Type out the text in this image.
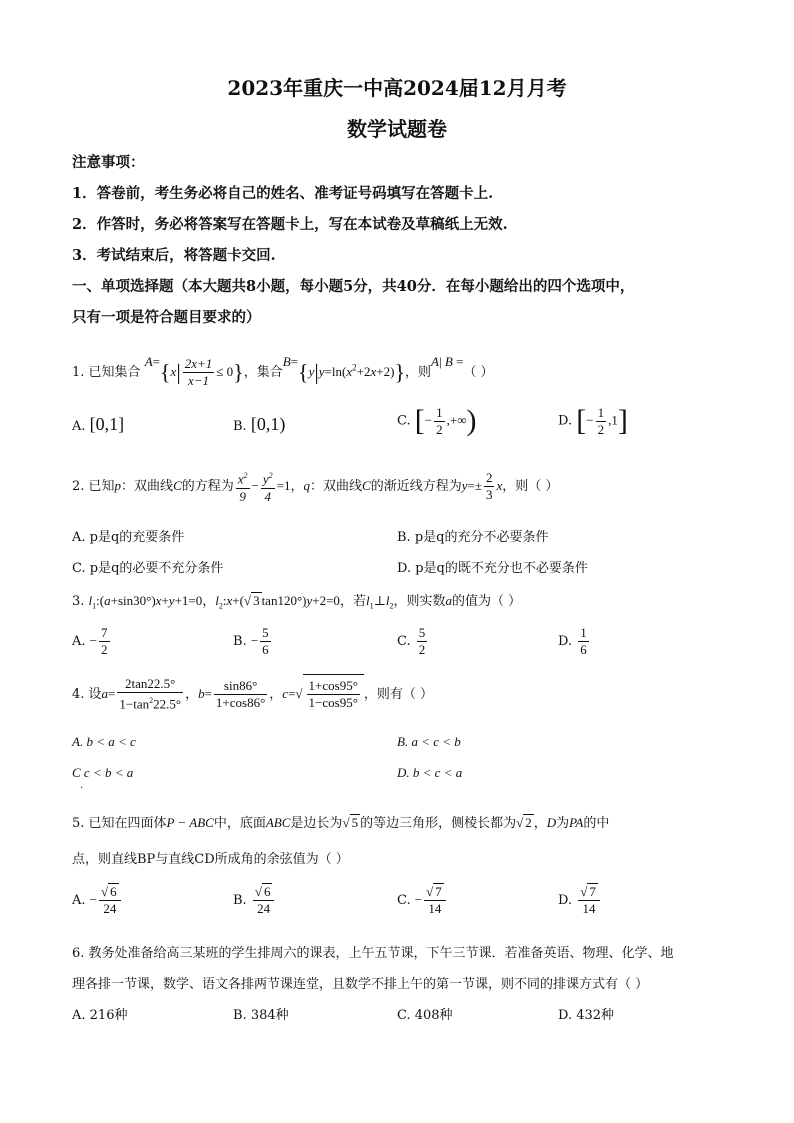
2023年重庆一中高2024届12月月考
数学试题卷
注意事项：
1．答卷前，考生务必将自己的姓名、准考证号码填写在答题卡上.
2．作答时，务必将答案写在答题卡上，写在本试卷及草稿纸上无效.
3．考试结束后，将答题卡交回.
一、单项选择题（本大题共8小题，每小题5分，共40分．在每小题给出的四个选项中，
只有一项是符合题目要求的）
1. 已知集合 $A=\{x| \frac{2x+1}{x-1} \le 0\}$，集合$B=\{y|y=\ln(x^2+2x+2)\}$，则A| B =（ ）
A. [0,1]	B. [0,1)	C. [− $\frac{1}{2}$ ,+∞)	D. [− $\frac{1}{2} ,1$]
2. 已知p：双曲线C的方程为 $\frac{x^2}{9} - \frac{y^2}{4} =1$，q：双曲线C的渐近线方程为$y=\pm \frac{2}{3}$ x，则（ ）
A. p是q的充要条件	B. p是q的充分不必要条件
C. p是q的必要不充分条件	D. p是q的既不充分也不必要条件
3. $l_1:(a+\sin 30^\circ)x+y+1=0$，$l_2:x+(√$ 3 tan120°)y+2=0，若$l_1\perp l_2$，则实数a的值为（ ）
A. − $\frac{7}{2}$	B. − $\frac{5}{6}$	C. $\frac{5}{2}$	D. $\frac{1}{6}$
4. 设$a= \frac{2\tan 22.5^\circ}{1-\tan^222.5^\circ}$ ，$b= \frac{\sin 86^\circ}{1+\cos 86^\circ}$ ，$c=√ \frac{1+\cos 95^\circ}{1-\cos 95^\circ}$ ，则有（ ）
A. b < a < c	B. a < c < b
C c < b < a
.
D. b < c < a
5. 已知在四面体P − ABC中，底面ABC是边长为√ 5 的等边三角形，侧棱长都为√ 2 ，D为PA的中
点，则直线BP与直线CD所成角的余弦值为（ ）
A. − $\frac{√ 6}{24}$	B. $\frac{√ 6}{24}$	C. − $\frac{√ 7}{14}$	D. $\frac{√ 7}{14}$
6. 教务处准备给高三某班的学生排周六的课表，上午五节课，下午三节课．若准备英语、物理、化学、地
理各排一节课，数学、语文各排两节课连堂，且数学不排上午的第一节课，则不同的排课方式有（ ）
A. 216种	B. 384种	C. 408种	D. 432种
